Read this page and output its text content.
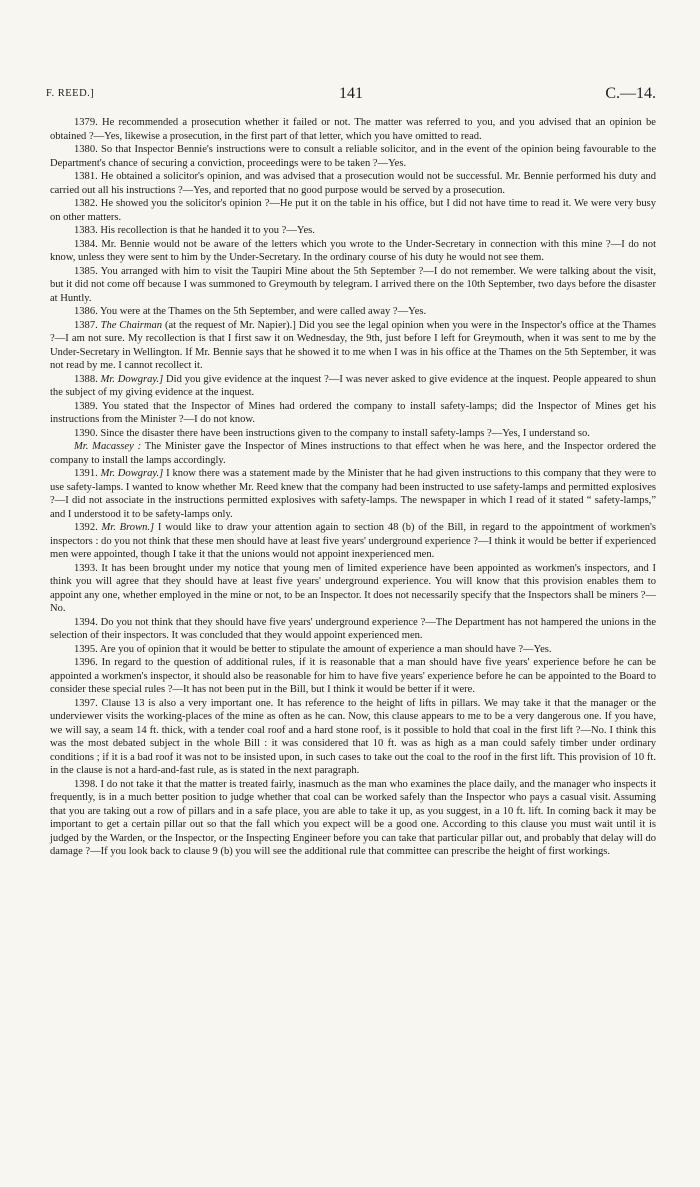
F. REED.]	141	C.—14.

1379. He recommended a prosecution whether it failed or not. The matter was referred to you, and you advised that an opinion be obtained ?—Yes, likewise a prosecution, in the first part of that letter, which you have omitted to read.

1380. So that Inspector Bennie's instructions were to consult a reliable solicitor, and in the event of the opinion being favourable to the Department's chance of securing a conviction, proceedings were to be taken ?—Yes.

1381. He obtained a solicitor's opinion, and was advised that a prosecution would not be successful. Mr. Bennie performed his duty and carried out all his instructions ?—Yes, and reported that no good purpose would be served by a prosecution.

1382. He showed you the solicitor's opinion ?—He put it on the table in his office, but I did not have time to read it. We were very busy on other matters.

1383. His recollection is that he handed it to you ?—Yes.

1384. Mr. Bennie would not be aware of the letters which you wrote to the Under-Secretary in connection with this mine ?—I do not know, unless they were sent to him by the Under-Secretary. In the ordinary course of his duty he would not see them.

1385. You arranged with him to visit the Taupiri Mine about the 5th September ?—I do not remember. We were talking about the visit, but it did not come off because I was summoned to Greymouth by telegram. I arrived there on the 10th September, two days before the disaster at Huntly.

1386. You were at the Thames on the 5th September, and were called away ?—Yes.

1387. The Chairman (at the request of Mr. Napier).] Did you see the legal opinion when you were in the Inspector's office at the Thames ?—I am not sure. My recollection is that I first saw it on Wednesday, the 9th, just before I left for Greymouth, when it was sent to me by the Under-Secretary in Wellington. If Mr. Bennie says that he showed it to me when I was in his office at the Thames on the 5th September, it was not read by me. I cannot recollect it.

1388. Mr. Dowgray.] Did you give evidence at the inquest ?—I was never asked to give evidence at the inquest. People appeared to shun the subject of my giving evidence at the inquest.

1389. You stated that the Inspector of Mines had ordered the company to install safety-lamps; did the Inspector of Mines get his instructions from the Minister ?—I do not know.

1390. Since the disaster there have been instructions given to the company to install safety-lamps ?—Yes, I understand so.

Mr. Macassey : The Minister gave the Inspector of Mines instructions to that effect when he was here, and the Inspector ordered the company to install the lamps accordingly.

1391. Mr. Dowgray.] I know there was a statement made by the Minister that he had given instructions to this company that they were to use safety-lamps. I wanted to know whether Mr. Reed knew that the company had been instructed to use safety-lamps and permitted explosives ?—I did not associate in the instructions permitted explosives with safety-lamps. The newspaper in which I read of it stated “ safety-lamps,” and I understood it to be safety-lamps only.

1392. Mr. Brown.] I would like to draw your attention again to section 48 (b) of the Bill, in regard to the appointment of workmen's inspectors : do you not think that these men should have at least five years' underground experience ?—I think it would be better if experienced men were appointed, though I take it that the unions would not appoint inexperienced men.

1393. It has been brought under my notice that young men of limited experience have been appointed as workmen's inspectors, and I think you will agree that they should have at least five years' underground experience. You will know that this provision enables them to appoint any one, whether employed in the mine or not, to be an Inspector. It does not necessarily specify that the Inspectors shall be miners ?—No.

1394. Do you not think that they should have five years' underground experience ?—The Department has not hampered the unions in the selection of their inspectors. It was concluded that they would appoint experienced men.

1395. Are you of opinion that it would be better to stipulate the amount of experience a man should have ?—Yes.

1396. In regard to the question of additional rules, if it is reasonable that a man should have five years' experience before he can be appointed a workmen's inspector, it should also be reasonable for him to have five years' experience before he can be appointed to the Board to consider these special rules ?—It has not been put in the Bill, but I think it would be better if it were.

1397. Clause 13 is also a very important one. It has reference to the height of lifts in pillars. We may take it that the manager or the underviewer visits the working-places of the mine as often as he can. Now, this clause appears to me to be a very dangerous one. If you have, we will say, a seam 14 ft. thick, with a tender coal roof and a hard stone roof, is it possible to hold that coal in the first lift ?—No. I think this was the most debated subject in the whole Bill : it was considered that 10 ft. was as high as a man could safely timber under ordinary conditions ; if it is a bad roof it was not to be insisted upon, in such cases to take out the coal to the roof in the first lift. This provision of 10 ft. in the clause is not a hard-and-fast rule, as is stated in the next paragraph.

1398. I do not take it that the matter is treated fairly, inasmuch as the man who examines the place daily, and the manager who inspects it frequently, is in a much better position to judge whether that coal can be worked safely than the Inspector who pays a casual visit. Assuming that you are taking out a row of pillars and in a safe place, you are able to take it up, as you suggest, in a 10 ft. lift. In coming back it may be important to get a certain pillar out so that the fall which you expect will be a good one. According to this clause you must wait until it is judged by the Warden, or the Inspector, or the Inspecting Engineer before you can take that particular pillar out, and probably that delay will do damage ?—If you look back to clause 9 (b) you will see the additional rule that committee can prescribe the height of first workings.
